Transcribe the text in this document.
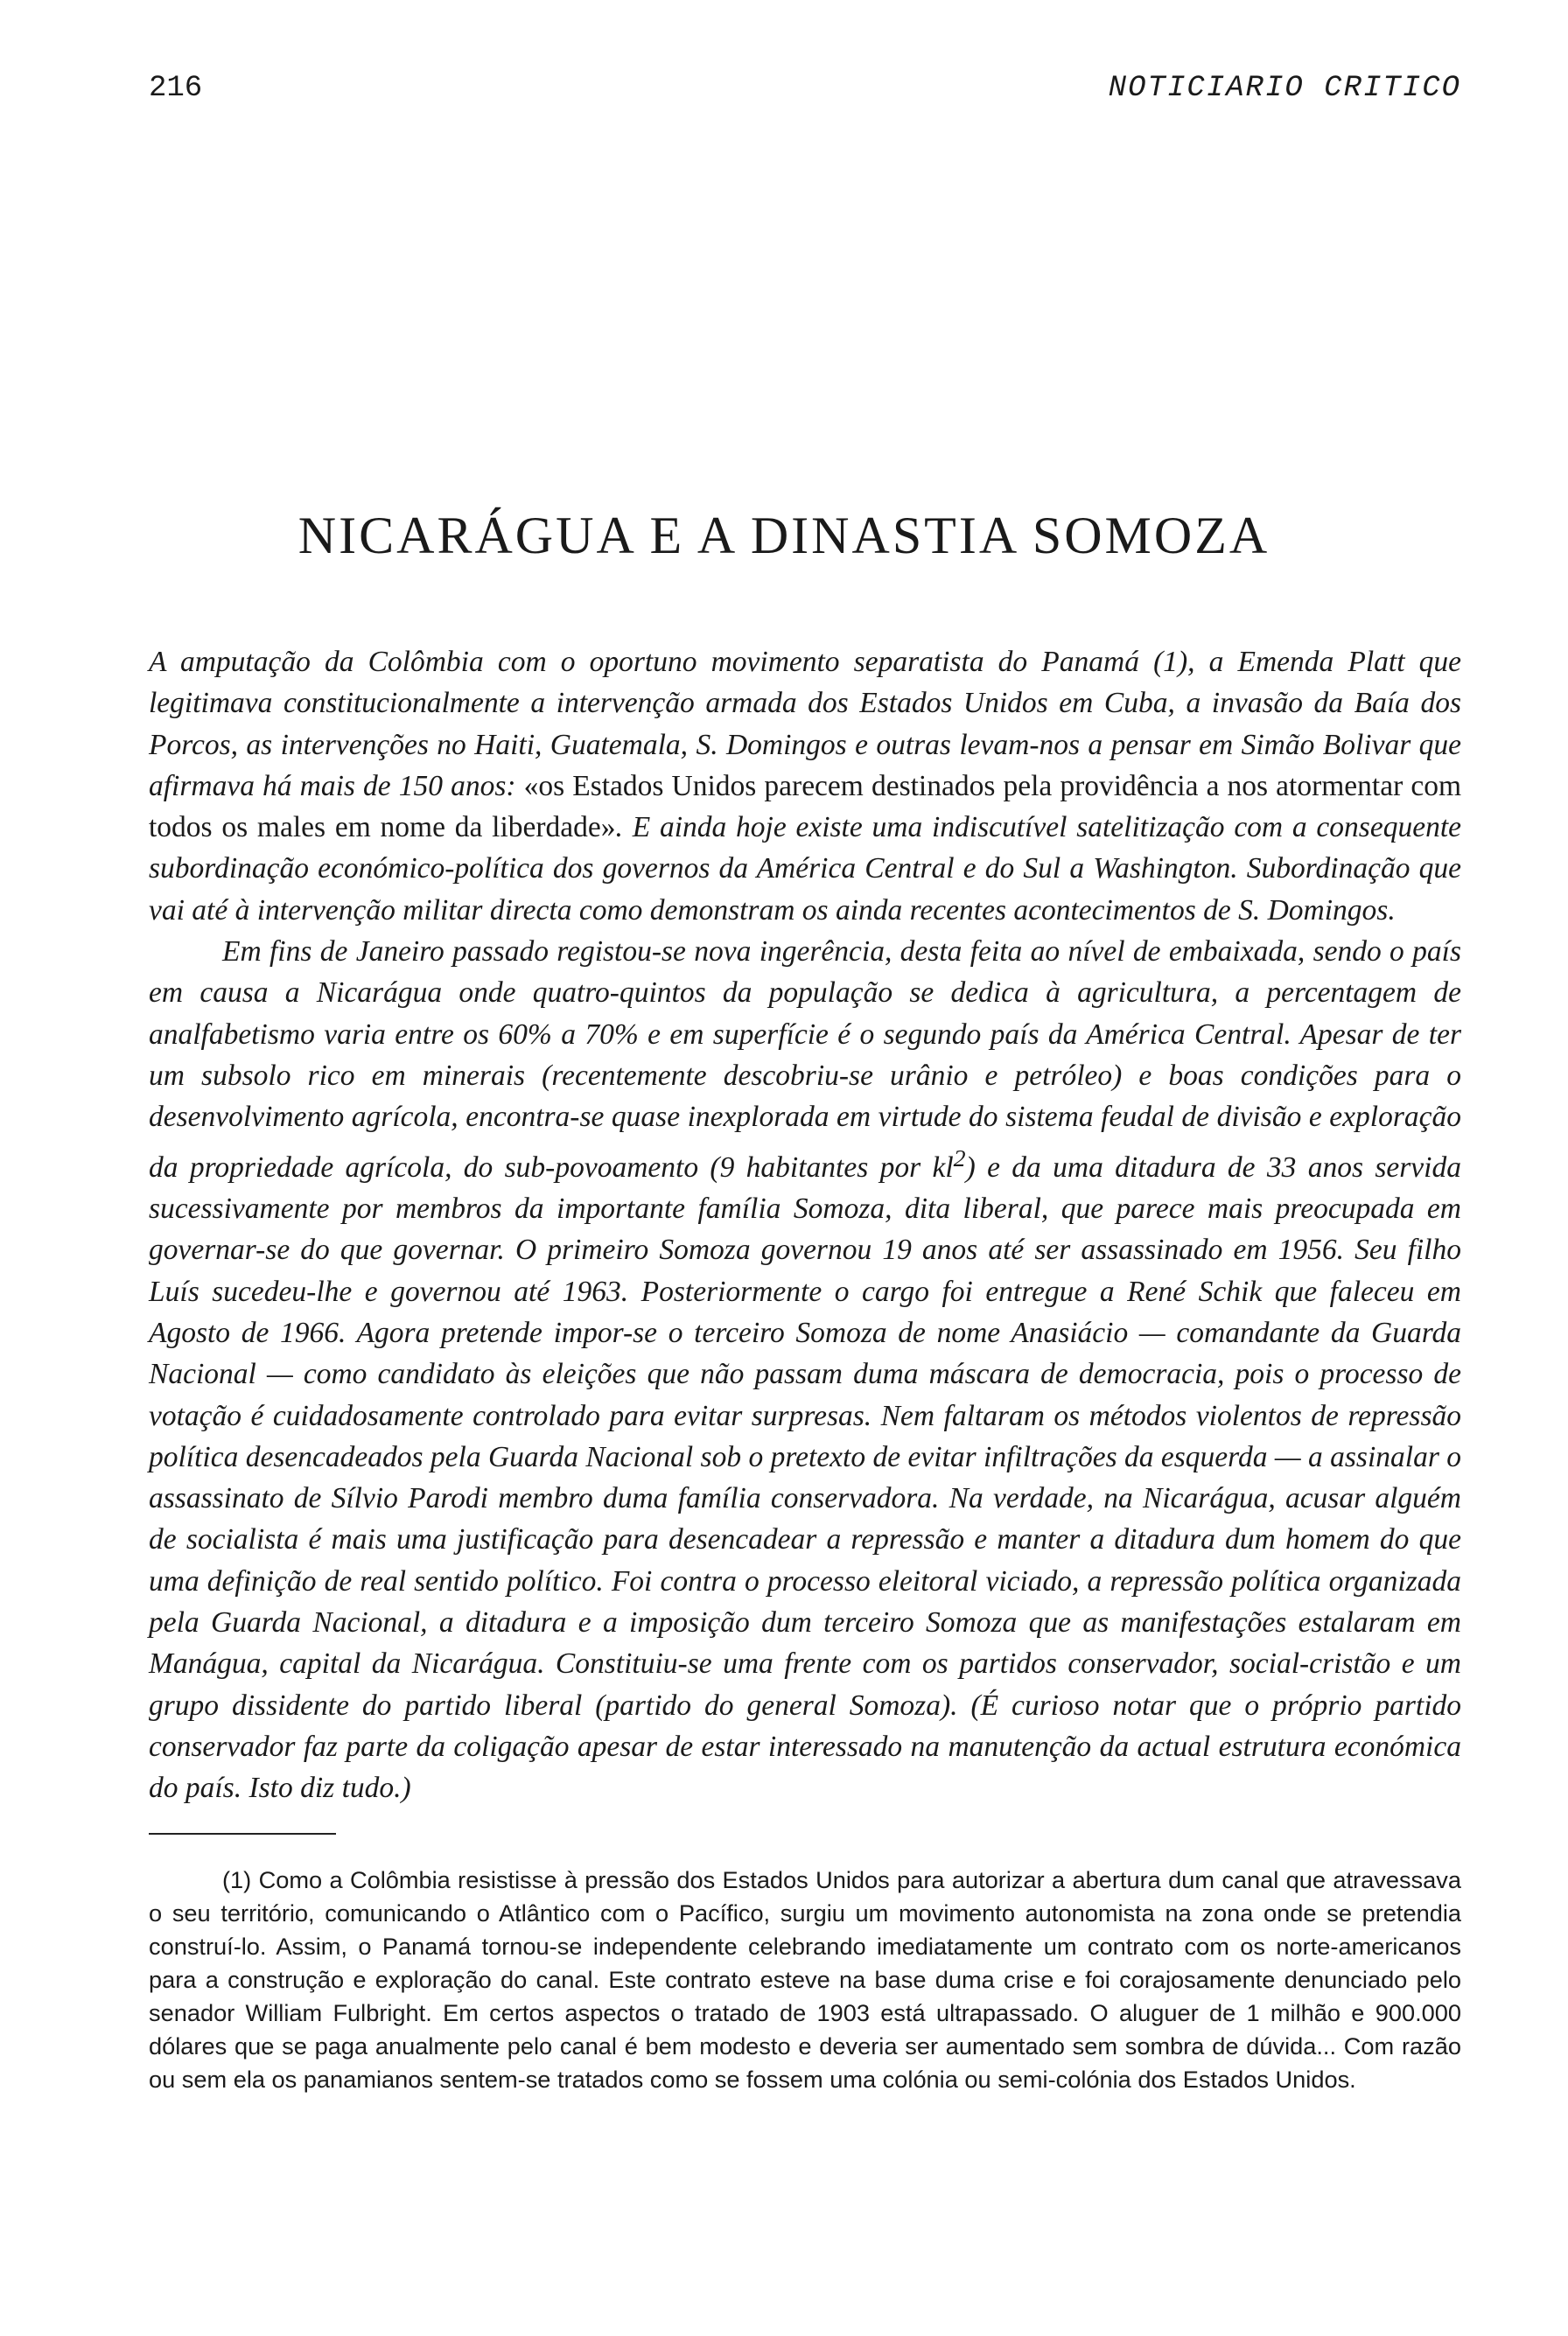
216	NOTICIARIO CRITICO
NICARÁGUA E A DINASTIA SOMOZA

A amputação da Colômbia com o oportuno movimento separatista do Panamá (1), a Emenda Platt que legitimava constitucionalmente a intervenção armada dos Estados Unidos em Cuba, a invasão da Baía dos Porcos, as intervenções no Haiti, Guatemala, S. Domingos e outras levam-nos a pensar em Simão Bolivar que afirmava há mais de 150 anos: «os Estados Unidos parecem destinados pela providência a nos atormentar com todos os males em nome da liberdade». E ainda hoje existe uma indiscutível satelitização com a consequente subordinação económico-política dos governos da América Central e do Sul a Washington. Subordinação que vai até à intervenção militar directa como demonstram os ainda recentes acontecimentos de S. Domingos.

Em fins de Janeiro passado registou-se nova ingerência, desta feita ao nível de embaixada, sendo o país em causa a Nicarágua onde quatro-quintos da população se dedica à agricultura, a percentagem de analfabetismo varia entre os 60% a 70% e em superfície é o segundo país da América Central. Apesar de ter um subsolo rico em minerais (recentemente descobriu-se urânio e petróleo) e boas condições para o desenvolvimento agrícola, encontra-se quase inexplorada em virtude do sistema feudal de divisão e exploração da propriedade agrícola, do sub-povoamento (9 habitantes por $kl^2$) e da uma ditadura de 33 anos servida sucessivamente por membros da importante família Somoza, dita liberal, que parece mais preocupada em governar-se do que governar. O primeiro Somoza governou 19 anos até ser assassinado em 1956. Seu filho Luís sucedeu-lhe e governou até 1963. Posteriormente o cargo foi entregue a René Schik que faleceu em Agosto de 1966. Agora pretende impor-se o terceiro Somoza de nome Anasiácio — comandante da Guarda Nacional — como candidato às eleições que não passam duma máscara de democracia, pois o processo de votação é cuidadosamente controlado para evitar surpresas. Nem faltaram os métodos violentos de repressão política desencadeados pela Guarda Nacional sob o pretexto de evitar infiltrações da esquerda — a assinalar o assassinato de Sílvio Parodi membro duma família conservadora. Na verdade, na Nicarágua, acusar alguém de socialista é mais uma justificação para desencadear a repressão e manter a ditadura dum homem do que uma definição de real sentido político. Foi contra o processo eleitoral viciado, a repressão política organizada pela Guarda Nacional, a ditadura e a imposição dum terceiro Somoza que as manifestações estalaram em Manágua, capital da Nicarágua. Constituiu-se uma frente com os partidos conservador, social-cristão e um grupo dissidente do partido liberal (partido do general Somoza). (É curioso notar que o próprio partido conservador faz parte da coligação apesar de estar interessado na manutenção da actual estrutura económica do país. Isto diz tudo.)

(1) Como a Colômbia resistisse à pressão dos Estados Unidos para autorizar a abertura dum canal que atravessava o seu território, comunicando o Atlântico com o Pacífico, surgiu um movimento autonomista na zona onde se pretendia construí-lo. Assim, o Panamá tornou-se independente celebrando imediatamente um contrato com os norte-americanos para a construção e exploração do canal. Este contrato esteve na base duma crise e foi corajosamente denunciado pelo senador William Fulbright. Em certos aspectos o tratado de 1903 está ultrapassado. O aluguer de 1 milhão e 900.000 dólares que se paga anualmente pelo canal é bem modesto e deveria ser aumentado sem sombra de dúvida... Com razão ou sem ela os panamianos sentem-se tratados como se fossem uma colónia ou semi-colónia dos Estados Unidos.
